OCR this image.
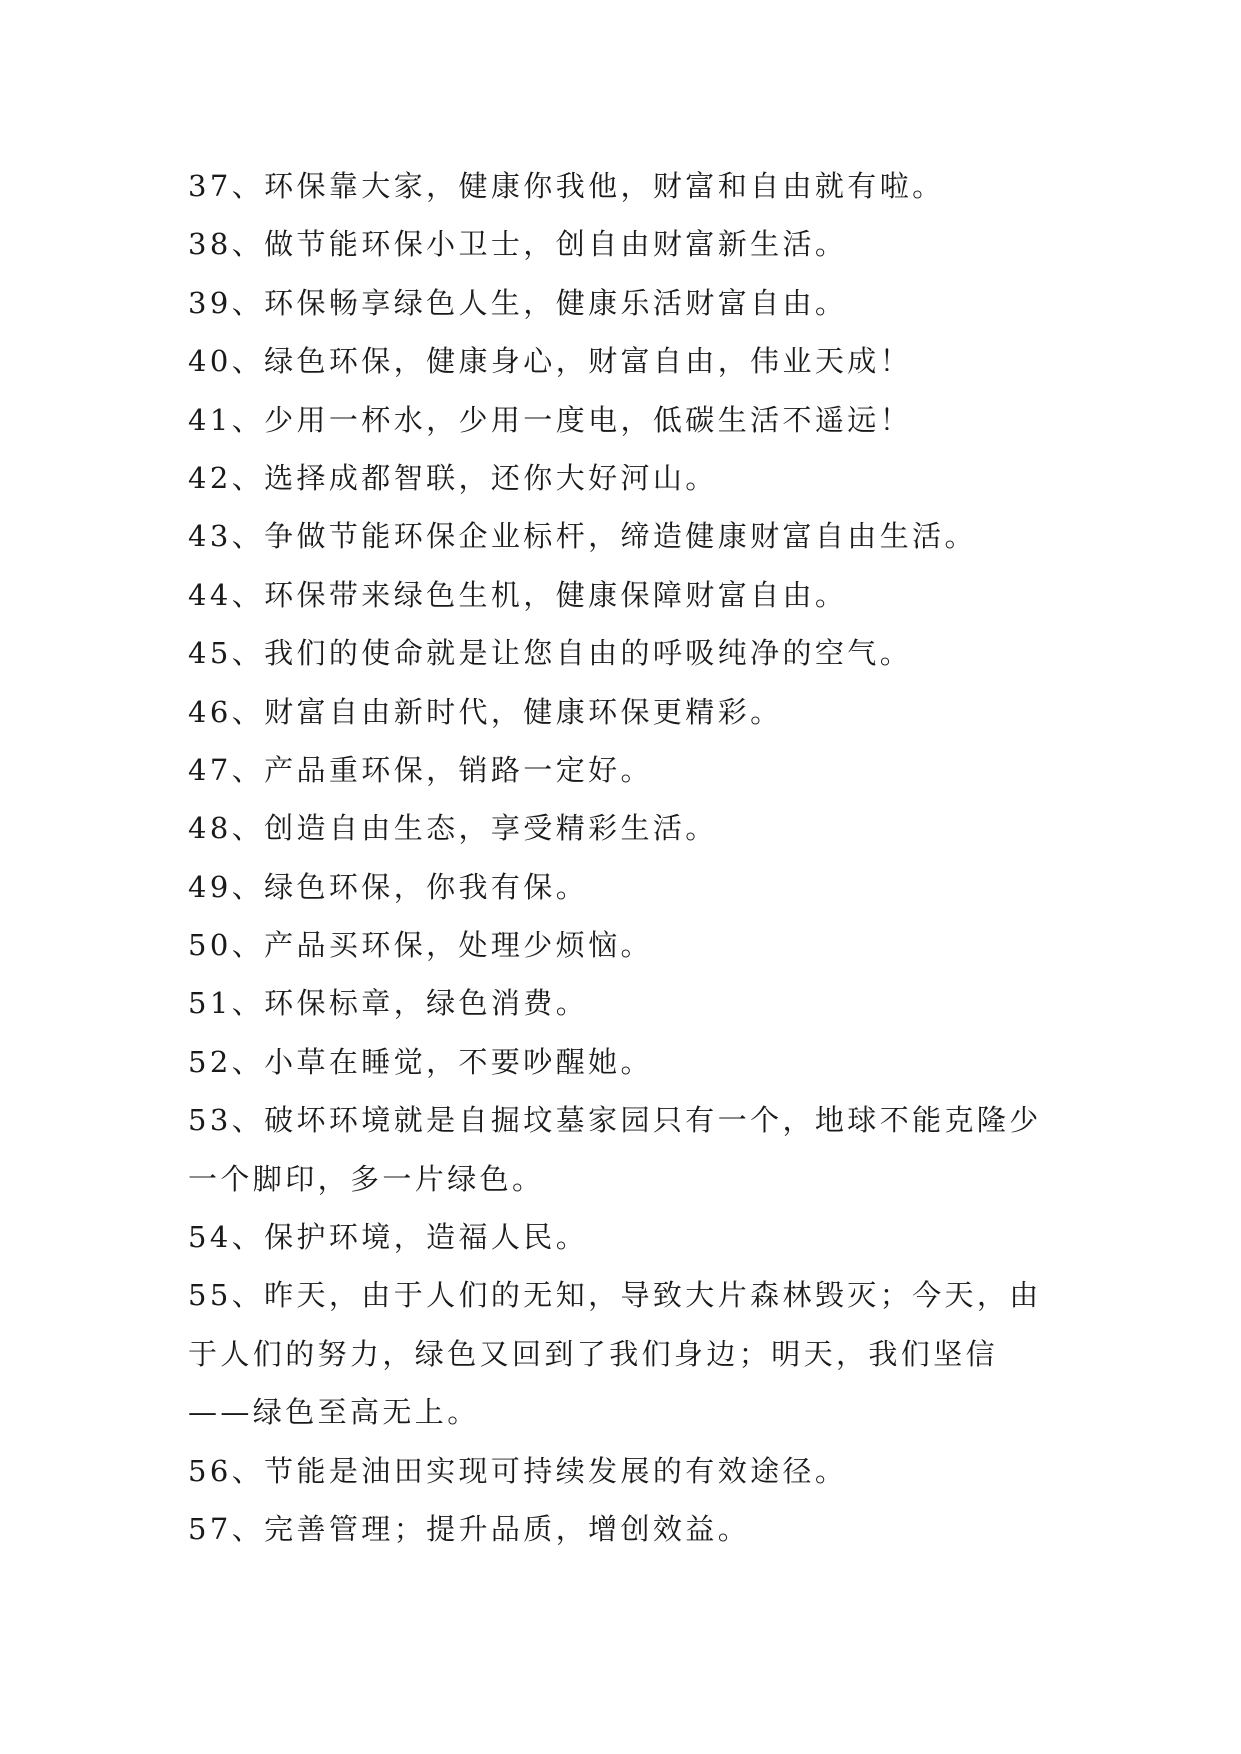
37、环保靠大家，健康你我他，财富和自由就有啦。
38、做节能环保小卫士，创自由财富新生活。
39、环保畅享绿色人生，健康乐活财富自由。
40、绿色环保，健康身心，财富自由，伟业天成！
41、少用一杯水，少用一度电，低碳生活不遥远！
42、选择成都智联，还你大好河山。
43、争做节能环保企业标杆，缔造健康财富自由生活。
44、环保带来绿色生机，健康保障财富自由。
45、我们的使命就是让您自由的呼吸纯净的空气。
46、财富自由新时代，健康环保更精彩。
47、产品重环保，销路一定好。
48、创造自由生态，享受精彩生活。
49、绿色环保，你我有保。
50、产品买环保，处理少烦恼。
51、环保标章，绿色消费。
52、小草在睡觉，不要吵醒她。
53、破坏环境就是自掘坟墓家园只有一个，地球不能克隆少
一个脚印，多一片绿色。
54、保护环境，造福人民。
55、昨天，由于人们的无知，导致大片森林毁灭；今天，由
于人们的努力，绿色又回到了我们身边；明天，我们坚信
——绿色至高无上。
56、节能是油田实现可持续发展的有效途径。
57、完善管理；提升品质，增创效益。
